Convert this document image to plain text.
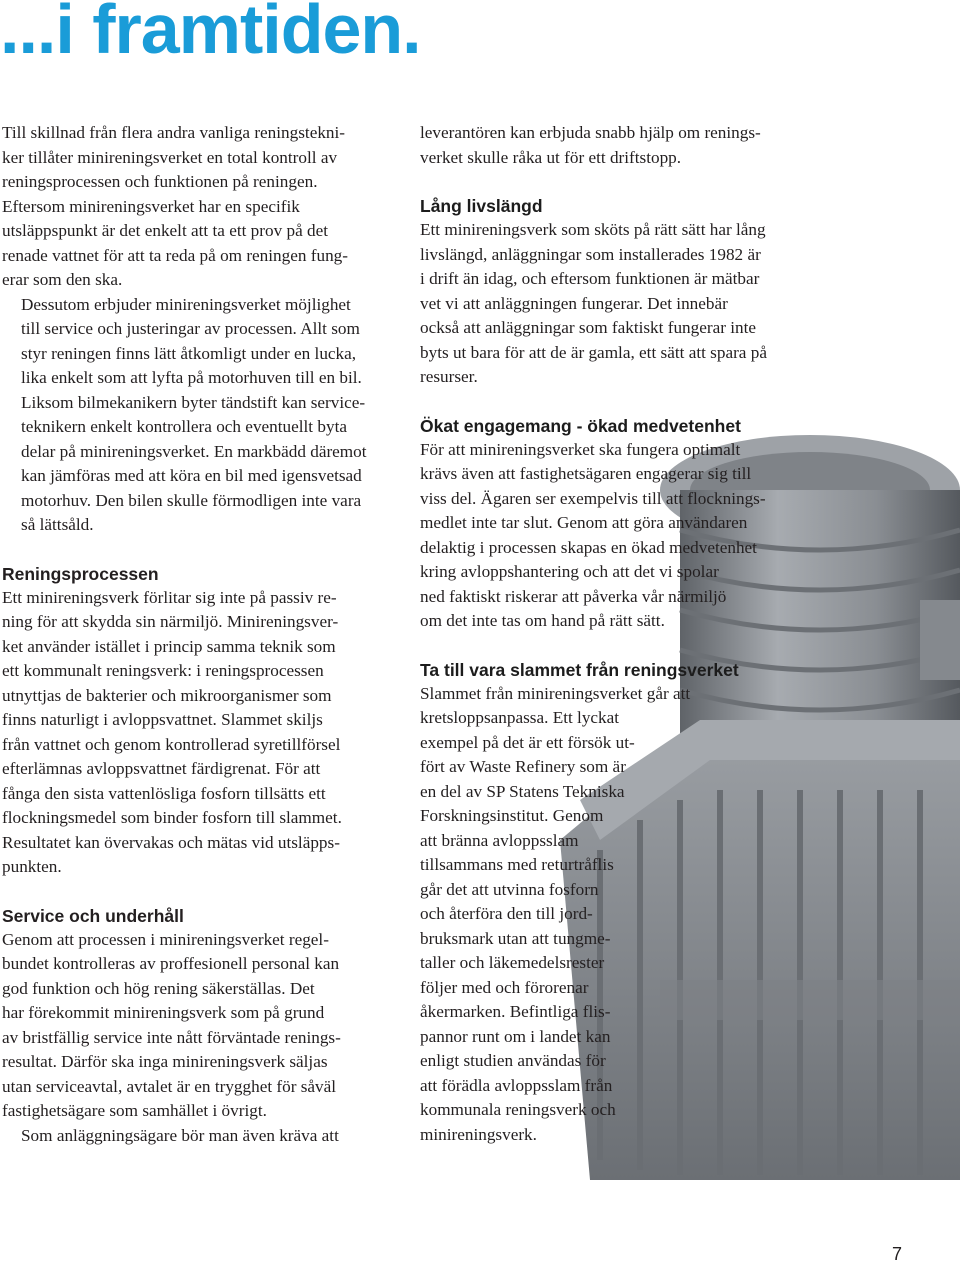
...i framtiden.

Till skillnad från flera andra vanliga reningstekni-
ker tillåter minireningsverket en total kontroll av
reningsprocessen och funktionen på reningen.
Eftersom minireningsverket har en specifik
utsläppspunkt är det enkelt att ta ett prov på det
renade vattnet för att ta reda på om reningen fung-
erar som den ska.

Dessutom erbjuder minireningsverket möjlighet
till service och justeringar av processen. Allt som
styr reningen finns lätt åtkomligt under en lucka,
lika enkelt som att lyfta på motorhuven till en bil.
Liksom bilmekanikern byter tändstift kan service-
teknikern enkelt kontrollera och eventuellt byta
delar på minireningsverket. En markbädd däremot
kan jämföras med att köra en bil med igensvetsad
motorhuv. Den bilen skulle förmodligen inte vara
så lättsåld.

Reningsprocessen

Ett minireningsverk förlitar sig inte på passiv re-
ning för att skydda sin närmiljö. Minireningsver-
ket använder istället i princip samma teknik som
ett kommunalt reningsverk: i reningsprocessen
utnyttjas de bakterier och mikroorganismer som
finns naturligt i avloppsvattnet. Slammet skiljs
från vattnet och genom kontrollerad syretillförsel
efterlämnas avloppsvattnet färdigrenat. För att
fånga den sista vattenlösliga fosforn tillsätts ett
flockningsmedel som binder fosforn till slammet.
Resultatet kan övervakas och mätas vid utsläpps-
punkten.

Service och underhåll

Genom att processen i minireningsverket regel-
bundet kontrolleras av proffesionell personal kan
god funktion och hög rening säkerställas. Det
har förekommit minireningsverk som på grund
av bristfällig service inte nått förväntade renings-
resultat. Därför ska inga minireningsverk säljas
utan serviceavtal, avtalet är en trygghet för såväl
fastighetsägare som samhället i övrigt.

Som anläggningsägare bör man även kräva att

leverantören kan erbjuda snabb hjälp om renings-
verket skulle råka ut för ett driftstopp.

Lång livslängd

Ett minireningsverk som sköts på rätt sätt har lång
livslängd, anläggningar som installerades 1982 är
i drift än idag, och eftersom funktionen är mätbar
vet vi att anläggningen fungerar. Det innebär
också att anläggningar som faktiskt fungerar inte
byts ut bara för att de är gamla, ett sätt att spara på
resurser.

Ökat engagemang - ökad medvetenhet

För att minireningsverket ska fungera optimalt
krävs även att fastighetsägaren engagerar sig till
viss del. Ägaren ser exempelvis till att flocknings-
medlet inte tar slut. Genom att göra användaren
delaktig i processen skapas en ökad medvetenhet
kring avloppshantering och att det vi spolar
ned faktiskt riskerar att påverka vår närmiljö
om det inte tas om hand på rätt sätt.

Ta till vara slammet från reningsverket

Slammet från minireningsverket går att
kretsloppsanpassa. Ett lyckat
exempel på det är ett försök ut-
fört av Waste Refinery som är
en del av SP Statens Tekniska
Forskningsinstitut. Genom
att bränna avloppsslam
tillsammans med returtråflis
går det att utvinna fosforn
och återföra den till jord-
bruksmark utan att tungme-
taller och läkemedelsrester
följer med och förorenar
åkermarken. Befintliga flis-
pannor runt om i landet kan
enligt studien användas för
att förädla avloppsslam från
kommunala reningsverk och
minireningsverk.

7
